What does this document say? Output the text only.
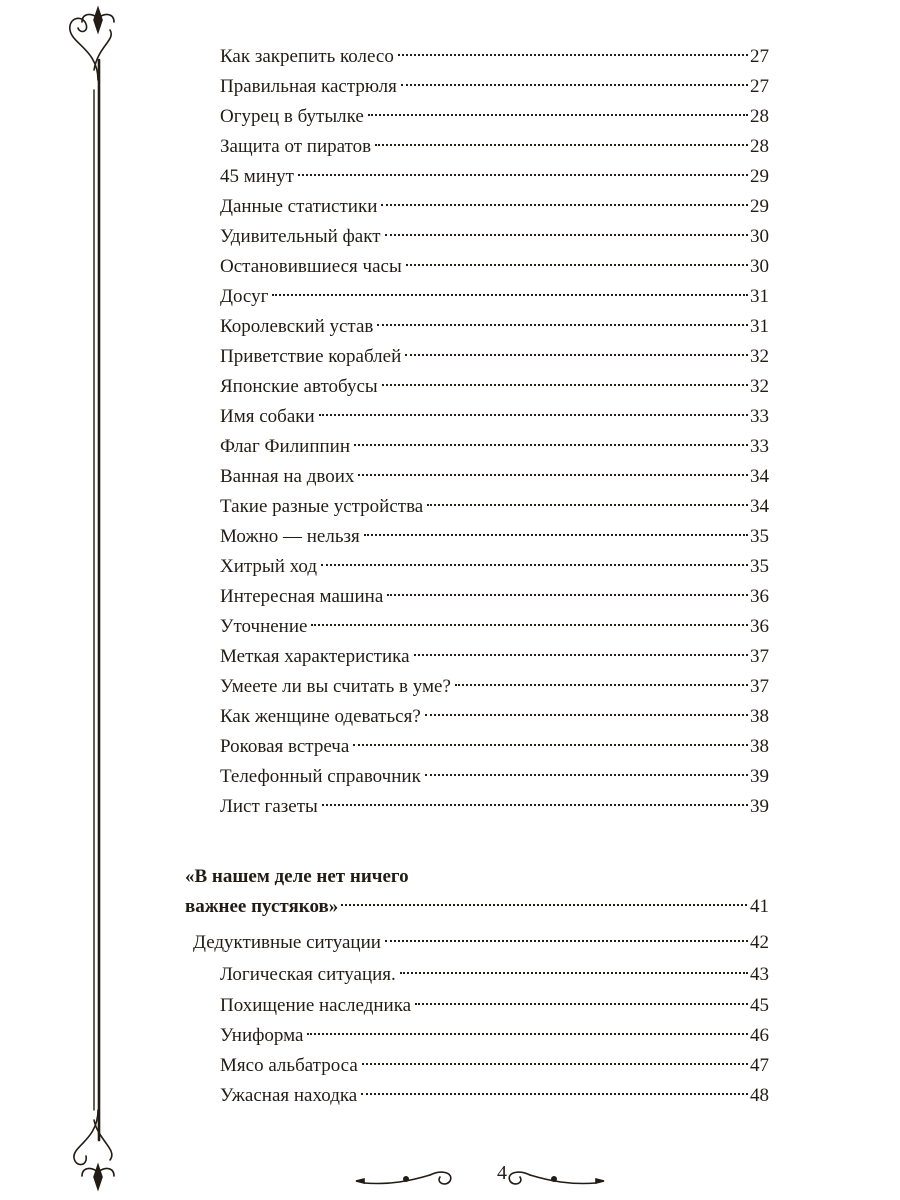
Как закрепить колесо	27
Правильная кастрюля	27
Огурец в бутылке	28
Защита от пиратов	28
45 минут	29
Данные статистики	29
Удивительный факт	30
Остановившиеся часы	30
Досуг	31
Королевский устав	31
Приветствие кораблей	32
Японские автобусы	32
Имя собаки	33
Флаг Филиппин	33
Ванная на двоих	34
Такие разные устройства	34
Можно — нельзя	35
Хитрый ход	35
Интересная машина	36
Уточнение	36
Меткая характеристика	37
Умеете ли вы считать в уме?	37
Как женщине одеваться?	38
Роковая встреча	38
Телефонный справочник	39
Лист газеты	39
«В нашем деле нет ничего
важнее пустяков»	41
Дедуктивные ситуации	42
Логическая ситуация.	43
Похищение наследника	45
Униформа	46
Мясо альбатроса	47
Ужасная находка	48
4
